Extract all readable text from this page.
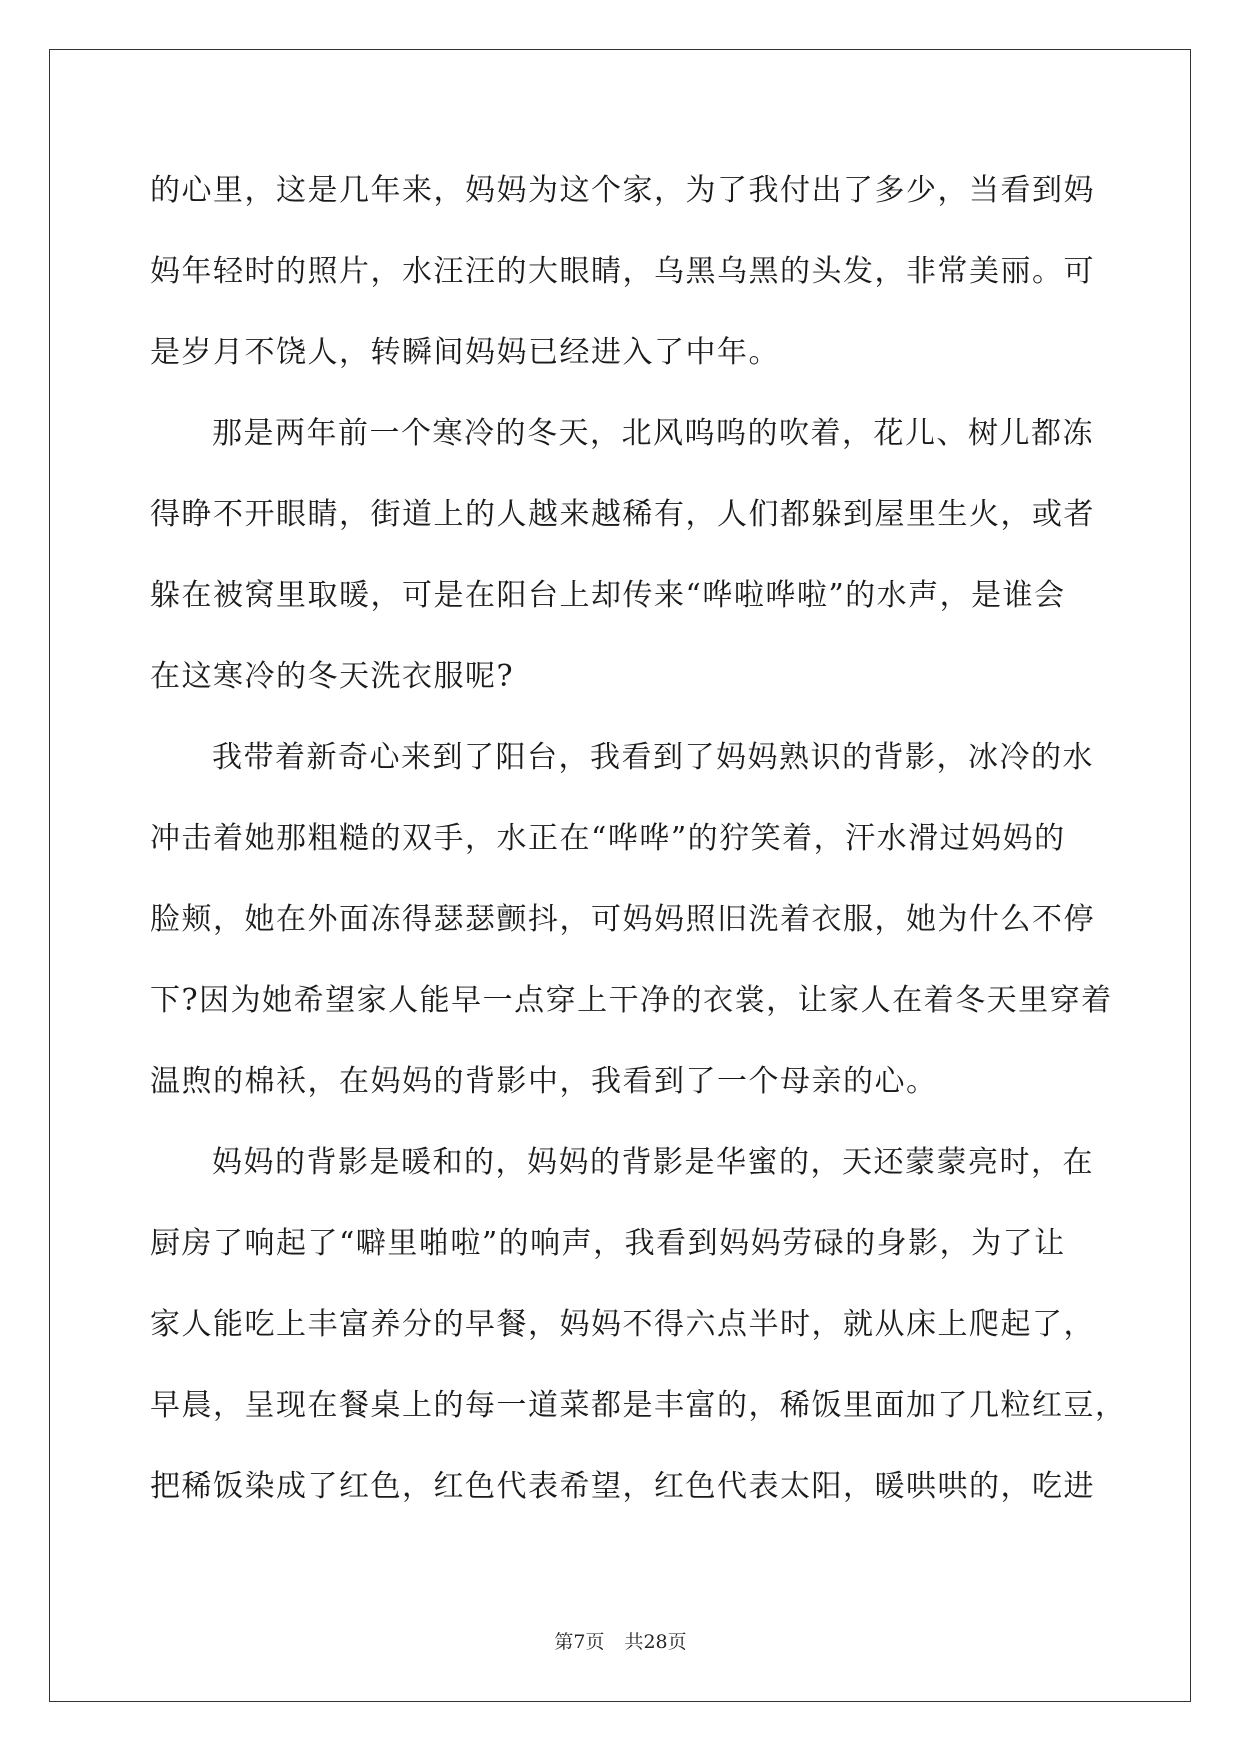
的心里，这是几年来，妈妈为这个家，为了我付出了多少，当看到妈
妈年轻时的照片，水汪汪的大眼睛，乌黑乌黑的头发，非常美丽。可
是岁月不饶人，转瞬间妈妈已经进入了中年。
那是两年前一个寒冷的冬天，北风呜呜的吹着，花儿、树儿都冻
得睁不开眼睛，街道上的人越来越稀有，人们都躲到屋里生火，或者
躲在被窝里取暖，可是在阳台上却传来“哗啦哗啦”的水声，是谁会
在这寒冷的冬天洗衣服呢?
我带着新奇心来到了阳台，我看到了妈妈熟识的背影，冰冷的水
冲击着她那粗糙的双手，水正在“哗哗”的狞笑着，汗水滑过妈妈的
脸颊，她在外面冻得瑟瑟颤抖，可妈妈照旧洗着衣服，她为什么不停
下?因为她希望家人能早一点穿上干净的衣裳，让家人在着冬天里穿着
温煦的棉袄，在妈妈的背影中，我看到了一个母亲的心。
妈妈的背影是暖和的，妈妈的背影是华蜜的，天还蒙蒙亮时，在
厨房了响起了“噼里啪啦”的响声，我看到妈妈劳碌的身影，为了让
家人能吃上丰富养分的早餐，妈妈不得六点半时，就从床上爬起了，
早晨，呈现在餐桌上的每一道菜都是丰富的，稀饭里面加了几粒红豆，
把稀饭染成了红色，红色代表希望，红色代表太阳，暖哄哄的，吃进
第7页 共28页
